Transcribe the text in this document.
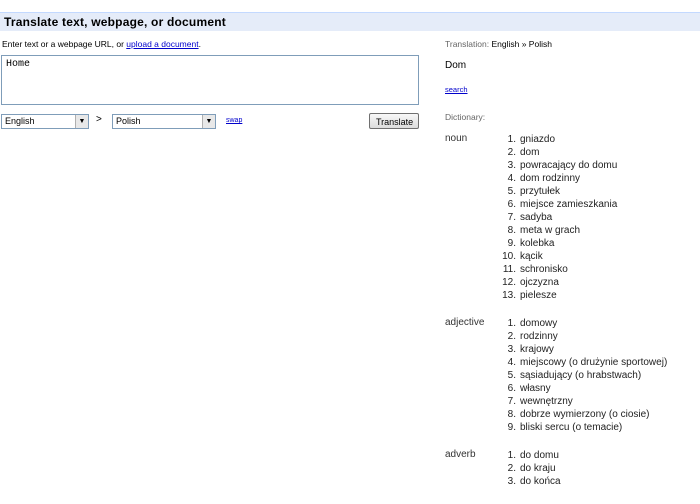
Translate text, webpage, or document
Enter text or a webpage URL, or upload a document.
Home
English	▼ >	Polish	▼	swap	Translate
Translation: English » Polish
Dom
search
Dictionary:
noun	1. gniazdo
2. dom
3. powracający do domu
4. dom rodzinny
5. przytułek
6. miejsce zamieszkania
7. sadyba
8. meta w grach
9. kolebka
10. kącik
11. schronisko
12. ojczyzna
13. pielesze
adjective	1. domowy
2. rodzinny
3. krajowy
4. miejscowy (o drużynie sportowej)
5. sąsiadujący (o hrabstwach)
6. własny
7. wewnętrzny
8. dobrze wymierzony (o ciosie)
9. bliski sercu (o temacie)
adverb	1. do domu
2. do kraju
3. do końca
